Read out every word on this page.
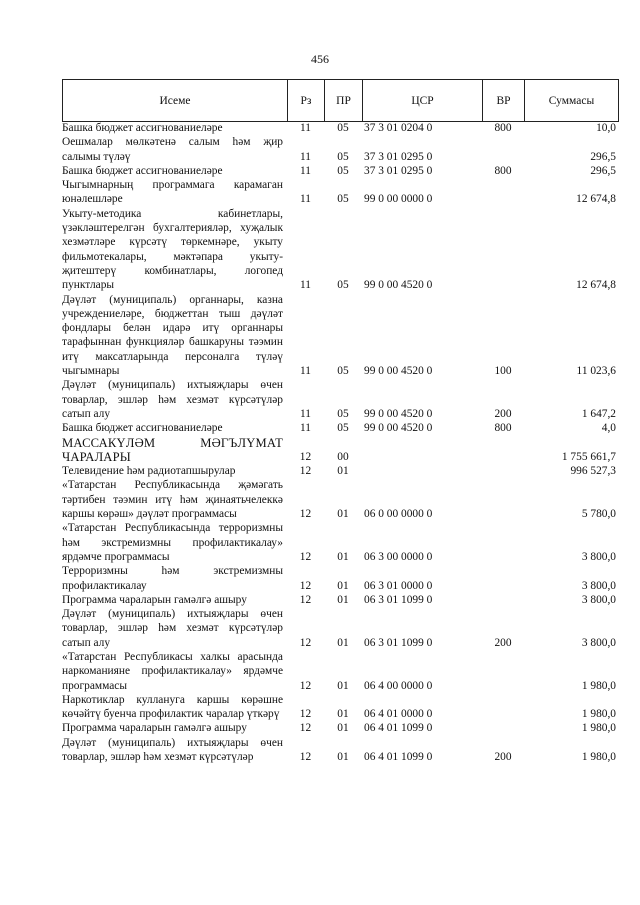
456
Исеме	Рз	ПР	ЦСР	ВР	Суммасы
Башка бюджет ассигнованиеләре	11	05	37 3 01 0204 0	800	10,0
Оешмалар мөлкәтенә салым һәм җир салымы түләү	11	05	37 3 01 0295 0		296,5
Башка бюджет ассигнованиеләре	11	05	37 3 01 0295 0	800	296,5
Чыгымнарның программага карамаган юнәлешләре	11	05	99 0 00 0000 0		12 674,8
Укыту-методика кабинетлары, үзәкләштерелгән бухгалтерияләр, хуҗалык хезмәтләре күрсәтү төркемнәре, укыту фильмотекалары, мәктәпара укыту-җитештерү комбинатлары, логопед пунктлары	11	05	99 0 00 4520 0		12 674,8
Дәүләт (муниципаль) органнары, казна учреждениеләре, бюджеттан тыш дәүләт фондлары белән идарә итү органнары тарафыннан функцияләр башкаруны тәэмин итү максатларында персоналга түләү чыгымнары	11	05	99 0 00 4520 0	100	11 023,6
Дәүләт (муниципаль) ихтыяҗлары өчен товарлар, эшләр һәм хезмәт күрсәтүләр сатып алу	11	05	99 0 00 4520 0	200	1 647,2
Башка бюджет ассигнованиеләре	11	05	99 0 00 4520 0	800	4,0
МАССАКҮЛӘМ МӘГЪЛҮМАТ ЧАРАЛАРЫ	12	00			1 755 661,7
Телевидение һәм радиотапшырулар	12	01			996 527,3
«Татарстан Республикасында җәмәгать тәртибен тәэмин итү һәм җинаятьчелеккә каршы көрәш» дәүләт программасы	12	01	06 0 00 0000 0		5 780,0
«Татарстан Республикасында терроризмны һәм экстремизмны профилактикалау» ярдәмче программасы	12	01	06 3 00 0000 0		3 800,0
Терроризмны һәм экстремизмны профилактикалау	12	01	06 3 01 0000 0		3 800,0
Программа чараларын гамәлгә ашыру	12	01	06 3 01 1099 0		3 800,0
Дәүләт (муниципаль) ихтыяҗлары өчен товарлар, эшләр һәм хезмәт күрсәтүләр сатып алу	12	01	06 3 01 1099 0	200	3 800,0
«Татарстан Республикасы халкы арасында наркоманияне профилактикалау» ярдәмче программасы	12	01	06 4 00 0000 0		1 980,0
Наркотиклар куллануга каршы көрәшне көчәйтү буенча профилактик чаралар үткәрү	12	01	06 4 01 0000 0		1 980,0
Программа чараларын гамәлгә ашыру	12	01	06 4 01 1099 0		1 980,0
Дәүләт (муниципаль) ихтыяҗлары өчен товарлар, эшләр һәм хезмәт күрсәтүләр	12	01	06 4 01 1099 0	200	1 980,0
